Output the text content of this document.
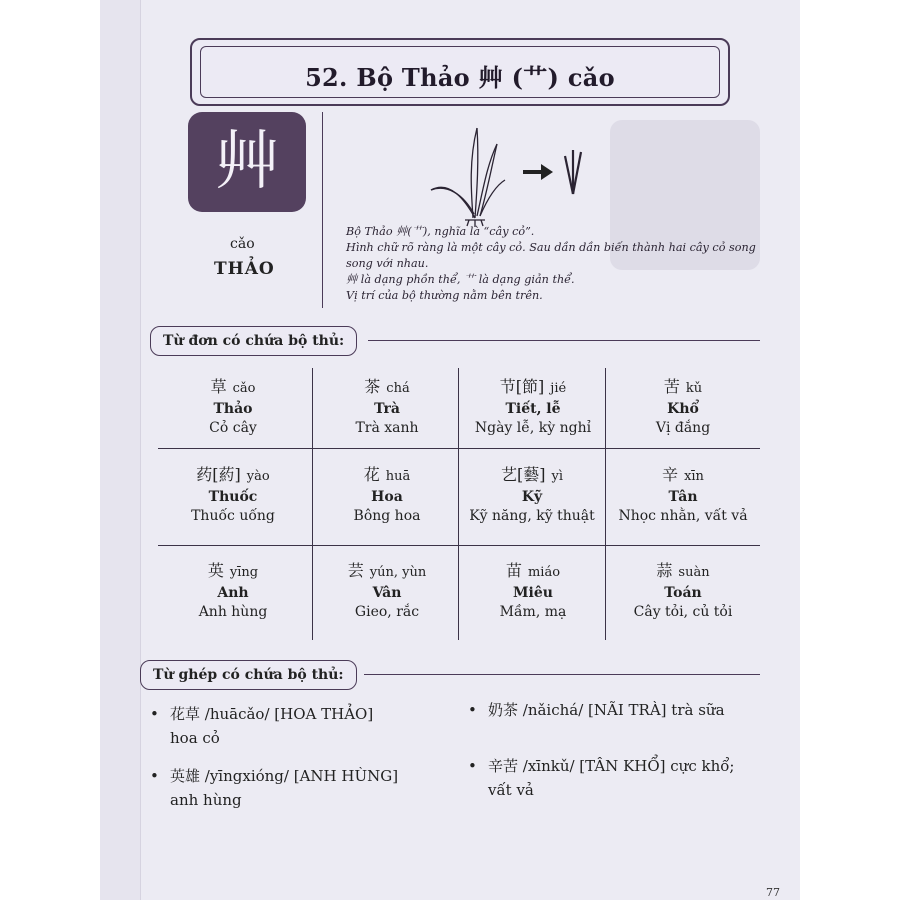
52. Bộ Thảo 艸 (艹) cǎo
艸
cǎo
THẢO
Bộ Thảo 艸(艹), nghĩa là “cây cỏ”.
Hình chữ rõ ràng là một cây cỏ. Sau dần dần biến thành hai cây cỏ song
song với nhau.
艸 là dạng phồn thể, 艹 là dạng giản thể.
Vị trí của bộ thường nằm bên trên.
Từ đơn có chứa bộ thủ:
草 cǎo
Thảo
Cỏ cây
茶 chá
Trà
Trà xanh
节[節] jié
Tiết, lễ
Ngày lễ, kỳ nghỉ
苦 kǔ
Khổ
Vị đắng
药[葯] yào
Thuốc
Thuốc uống
花 huā
Hoa
Bông hoa
艺[藝] yì
Kỹ
Kỹ năng, kỹ thuật
辛 xīn
Tân
Nhọc nhằn, vất vả
英 yīng
Anh
Anh hùng
芸 yún, yùn
Vân
Gieo, rắc
苗 miáo
Miêu
Mầm, mạ
蒜 suàn
Toán
Cây tỏi, củ tỏi
Từ ghép có chứa bộ thủ:
• 花草 /huācǎo/ [HOA THẢO]
hoa cỏ
• 英雄 /yīngxióng/ [ANH HÙNG]
anh hùng
• 奶茶 /nǎichá/ [NÃI TRÀ] trà sữa
• 辛苦 /xīnkǔ/ [TÂN KHỔ] cực khổ;
vất vả
77
